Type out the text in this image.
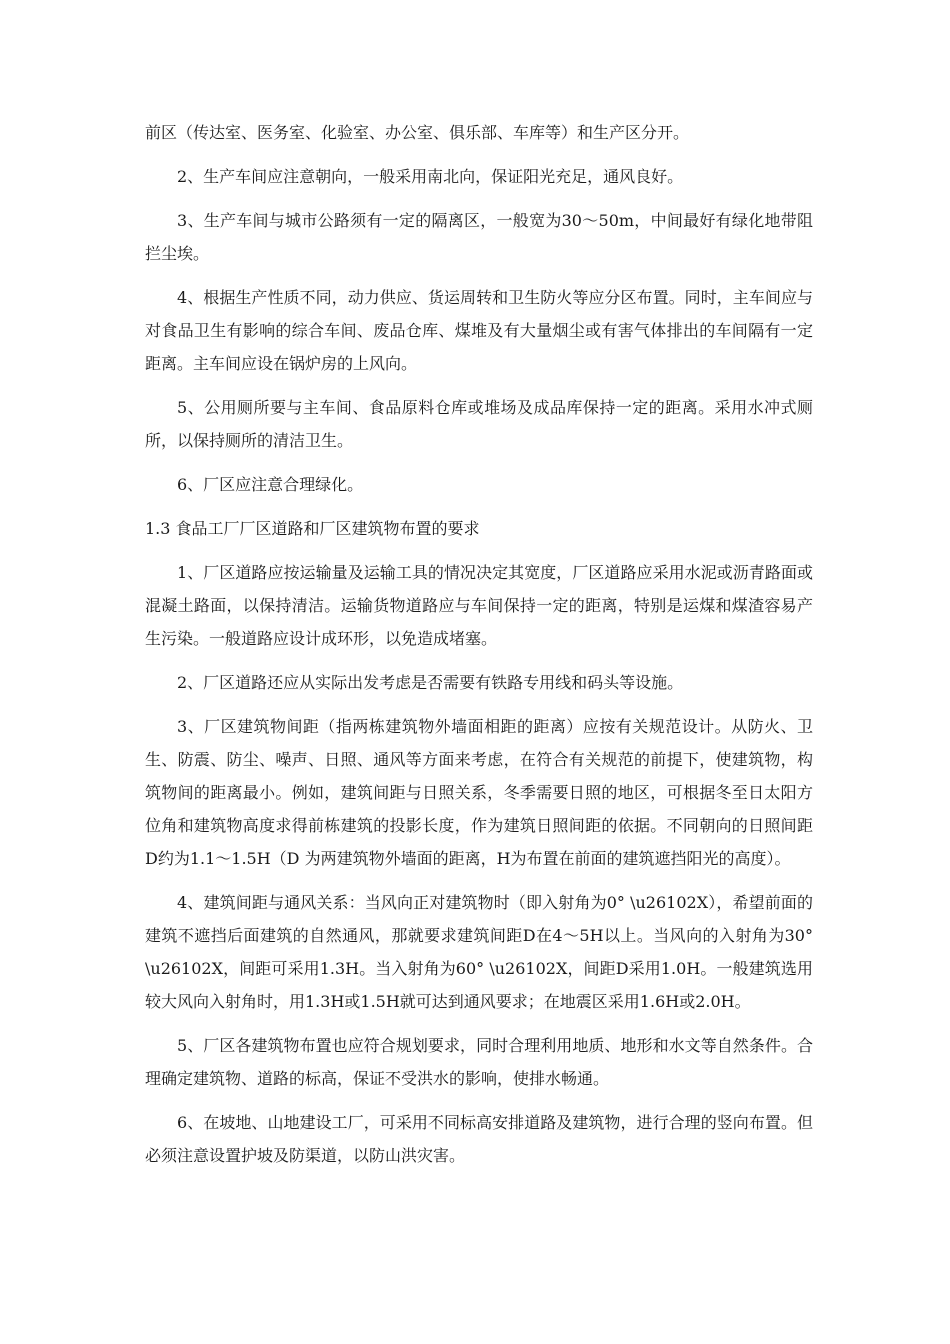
前区（传达室、医务室、化验室、办公室、俱乐部、车库等）和生产区分开。

2、生产车间应注意朝向，一般采用南北向，保证阳光充足，通风良好。

3、生产车间与城市公路须有一定的隔离区，一般宽为30～50m，中间最好有绿化地带阻拦尘埃。

4、根据生产性质不同，动力供应、货运周转和卫生防火等应分区布置。同时，主车间应与对食品卫生有影响的综合车间、废品仓库、煤堆及有大量烟尘或有害气体排出的车间隔有一定距离。主车间应设在锅炉房的上风向。

5、公用厕所要与主车间、食品原料仓库或堆场及成品库保持一定的距离。采用水冲式厕所，以保持厕所的清洁卫生。

6、厂区应注意合理绿化。

1.3 食品工厂厂区道路和厂区建筑物布置的要求

1、厂区道路应按运输量及运输工具的情况决定其宽度，厂区道路应采用水泥或沥青路面或混凝土路面，以保持清洁。运输货物道路应与车间保持一定的距离，特别是运煤和煤渣容易产生污染。一般道路应设计成环形，以免造成堵塞。

2、厂区道路还应从实际出发考虑是否需要有铁路专用线和码头等设施。

3、厂区建筑物间距（指两栋建筑物外墙面相距的距离）应按有关规范设计。从防火、卫生、防震、防尘、噪声、日照、通风等方面来考虑，在符合有关规范的前提下，使建筑物，构筑物间的距离最小。例如，建筑间距与日照关系，冬季需要日照的地区，可根据冬至日太阳方位角和建筑物高度求得前栋建筑的投影长度，作为建筑日照间距的依据。不同朝向的日照间距D约为1.1～1.5H（D 为两建筑物外墙面的距离，H为布置在前面的建筑遮挡阳光的高度）。

4、建筑间距与通风关系：当风向正对建筑物时（即入射角为0° \u26102X），希望前面的建筑不遮挡后面建筑的自然通风，那就要求建筑间距D在4～5H以上。当风向的入射角为30° \u26102X，间距可采用1.3H。当入射角为60° \u26102X，间距D采用1.0H。一般建筑选用较大风向入射角时，用1.3H或1.5H就可达到通风要求；在地震区采用1.6H或2.0H。

5、厂区各建筑物布置也应符合规划要求，同时合理利用地质、地形和水文等自然条件。合理确定建筑物、道路的标高，保证不受洪水的影响，使排水畅通。

6、在坡地、山地建设工厂，可采用不同标高安排道路及建筑物，进行合理的竖向布置。但必须注意设置护坡及防渠道，以防山洪灾害。
